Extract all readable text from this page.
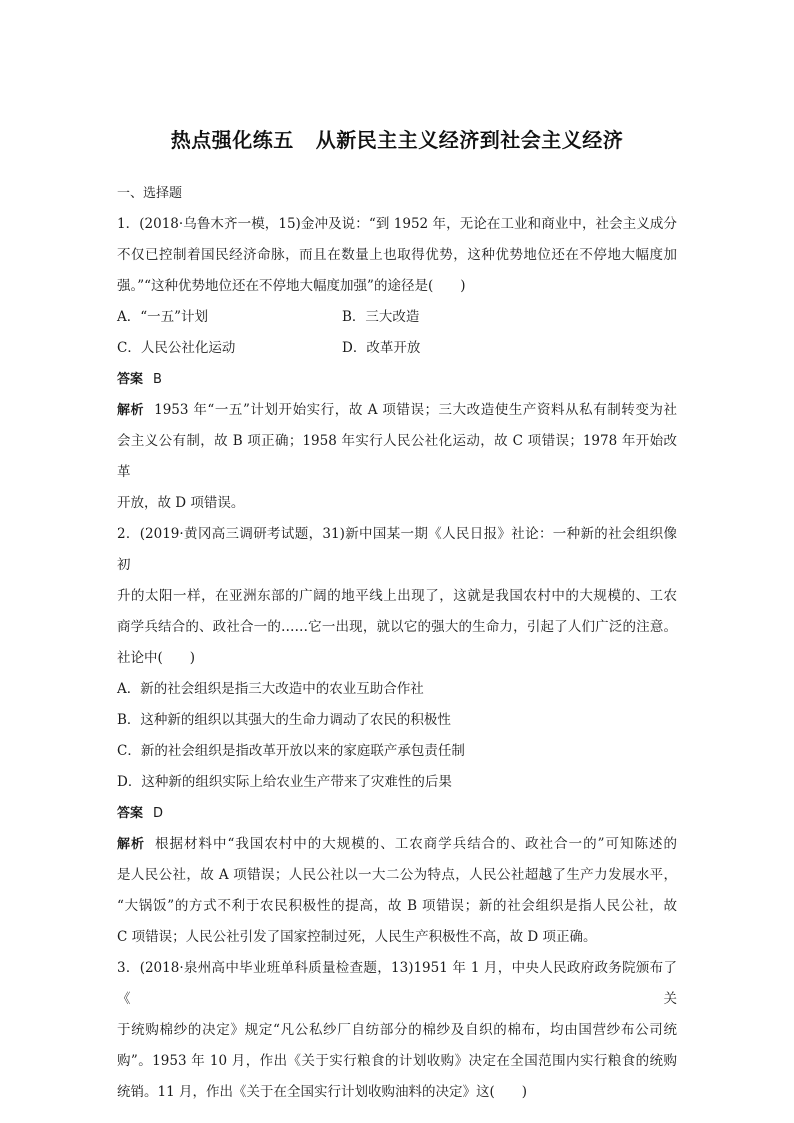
热点强化练五 从新民主主义经济到社会主义经济
一、选择题
1．(2018·乌鲁木齐一模，15)金冲及说：“到 1952 年，无论在工业和商业中，社会主义成分
不仅已控制着国民经济命脉，而且在数量上也取得优势，这种优势地位还在不停地大幅度加
强。”“这种优势地位还在不停地大幅度加强”的途径是(　　)
A．“一五”计划	B．三大改造
C．人民公社化运动	D．改革开放
答案 B
解析 1953 年“一五”计划开始实行，故 A 项错误；三大改造使生产资料从私有制转变为社
会主义公有制，故 B 项正确；1958 年实行人民公社化运动，故 C 项错误；1978 年开始改革
开放，故 D 项错误。
2．(2019·黄冈高三调研考试题，31)新中国某一期《人民日报》社论：一种新的社会组织像初
升的太阳一样，在亚洲东部的广阔的地平线上出现了，这就是我国农村中的大规模的、工农
商学兵结合的、政社合一的……它一出现，就以它的强大的生命力，引起了人们广泛的注意。
社论中(　　)
A．新的社会组织是指三大改造中的农业互助合作社
B．这种新的组织以其强大的生命力调动了农民的积极性
C．新的社会组织是指改革开放以来的家庭联产承包责任制
D．这种新的组织实际上给农业生产带来了灾难性的后果
答案 D
解析 根据材料中“我国农村中的大规模的、工农商学兵结合的、政社合一的”可知陈述的
是人民公社，故 A 项错误；人民公社以一大二公为特点，人民公社超越了生产力发展水平，
“大锅饭”的方式不利于农民积极性的提高，故 B 项错误；新的社会组织是指人民公社，故
C 项错误；人民公社引发了国家控制过死，人民生产积极性不高，故 D 项正确。
3．(2018·泉州高中毕业班单科质量检查题，13)1951 年 1 月，中央人民政府政务院颁布了《关
于统购棉纱的决定》规定“凡公私纱厂自纺部分的棉纱及自织的棉布，均由国营纱布公司统
购”。1953 年 10 月，作出《关于实行粮食的计划收购》决定在全国范围内实行粮食的统购
统销。11 月，作出《关于在全国实行计划收购油料的决定》这(　　)
